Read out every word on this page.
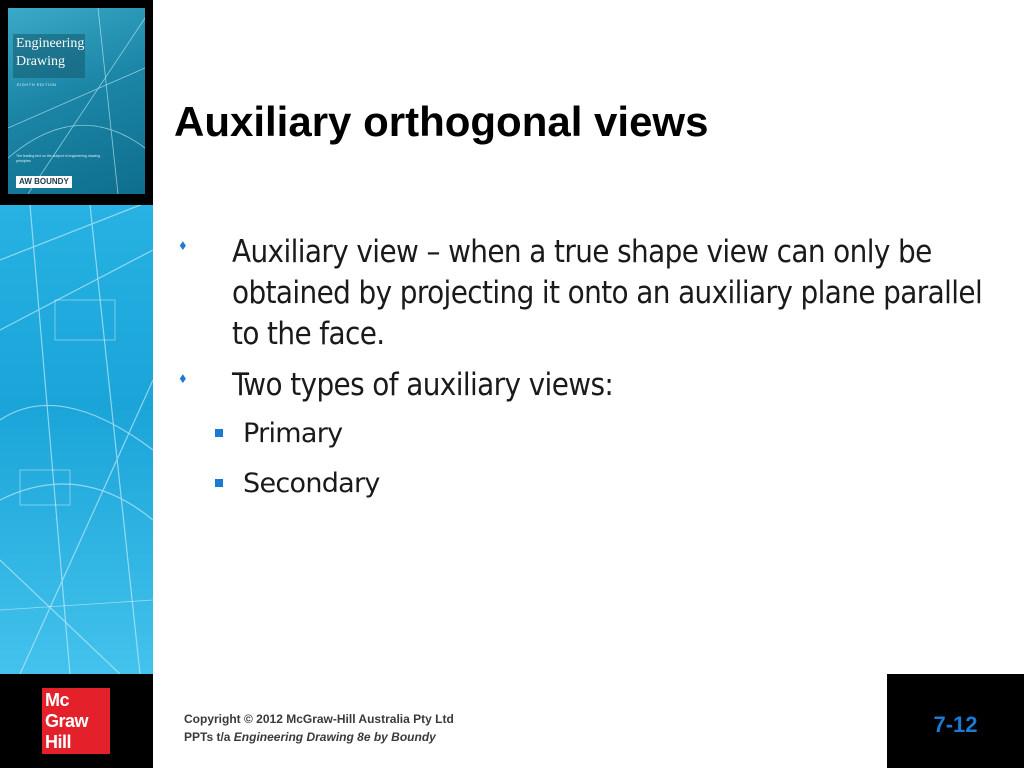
Engineering
Drawing
EIGHTH EDITION
The leading text on the subject of engineering drawing principles
AW BOUNDY
Auxiliary orthogonal views
♦ Auxiliary view – when a true shape view can only be obtained by projecting it onto an auxiliary plane parallel to the face.
♦ Two types of auxiliary views:
Primary
Secondary
Mc
Graw
Hill
Copyright © 2012 McGraw-Hill Australia Pty Ltd
PPTs t/a Engineering Drawing 8e by Boundy	7-12
